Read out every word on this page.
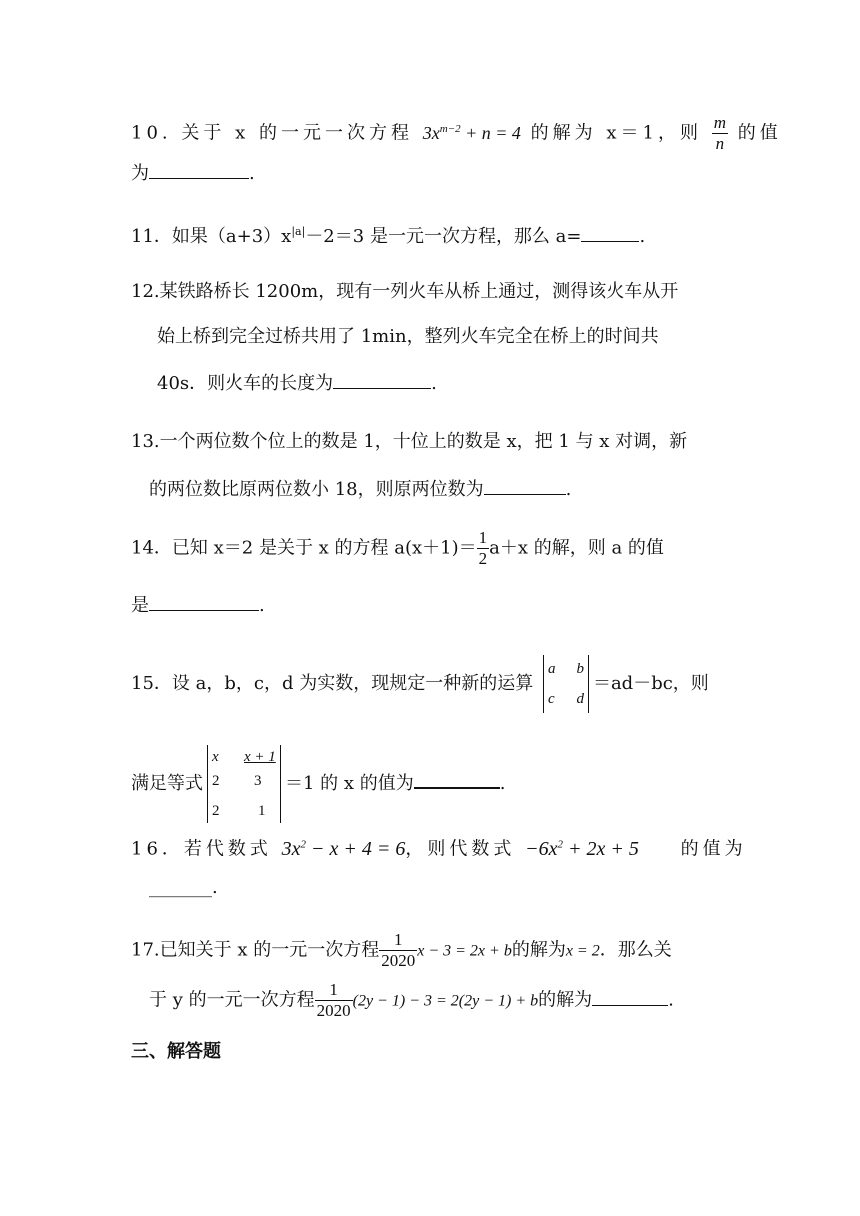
10. 关于 x 的一元一次方程 $3x^{m-2} + n = 4$ 的解为 x＝1，则 $\frac{m}{n}$ 的值
为	.
11．如果$(a+3)x^{|a|}-2=3$ 是一元一次方程，那么 a=	.
12.某铁路桥长 1200m，现有一列火车从桥上通过，测得该火车从开
始上桥到完全过桥共用了 1min，整列火车完全在桥上的时间共
40s．则火车的长度为	.
13.一个两位数个位上的数是 1，十位上的数是 x，把 1 与 x 对调，新
的两位数比原两位数小 18，则原两位数为	.
14．已知 x＝2 是关于 x 的方程 $a(x+1)= \frac{1}{2} a+x$ 的解，则 a 的值
是	.
15．设 a，b，c，d 为实数，现规定一种新的运算
a b
c d
＝ad－bc，则
满足等式
x x + 1
2 3
2	1
＝1 的 x 的值为	.
16．若代数式 $3x^2 - x + 4 = 6$，则代数式 $-6x^2 + 2x + 5$ 的值为
_______.
17.已知关于 x 的一元一次方程 $\frac{1}{2020}$ x − 3 = 2x + b的解为x = 2．那么关
于 y 的一元一次方程 $\frac{1}{2020} (2y - 1) - 3 = 2(2y - 1) + b$的解为	.
三、解答题
